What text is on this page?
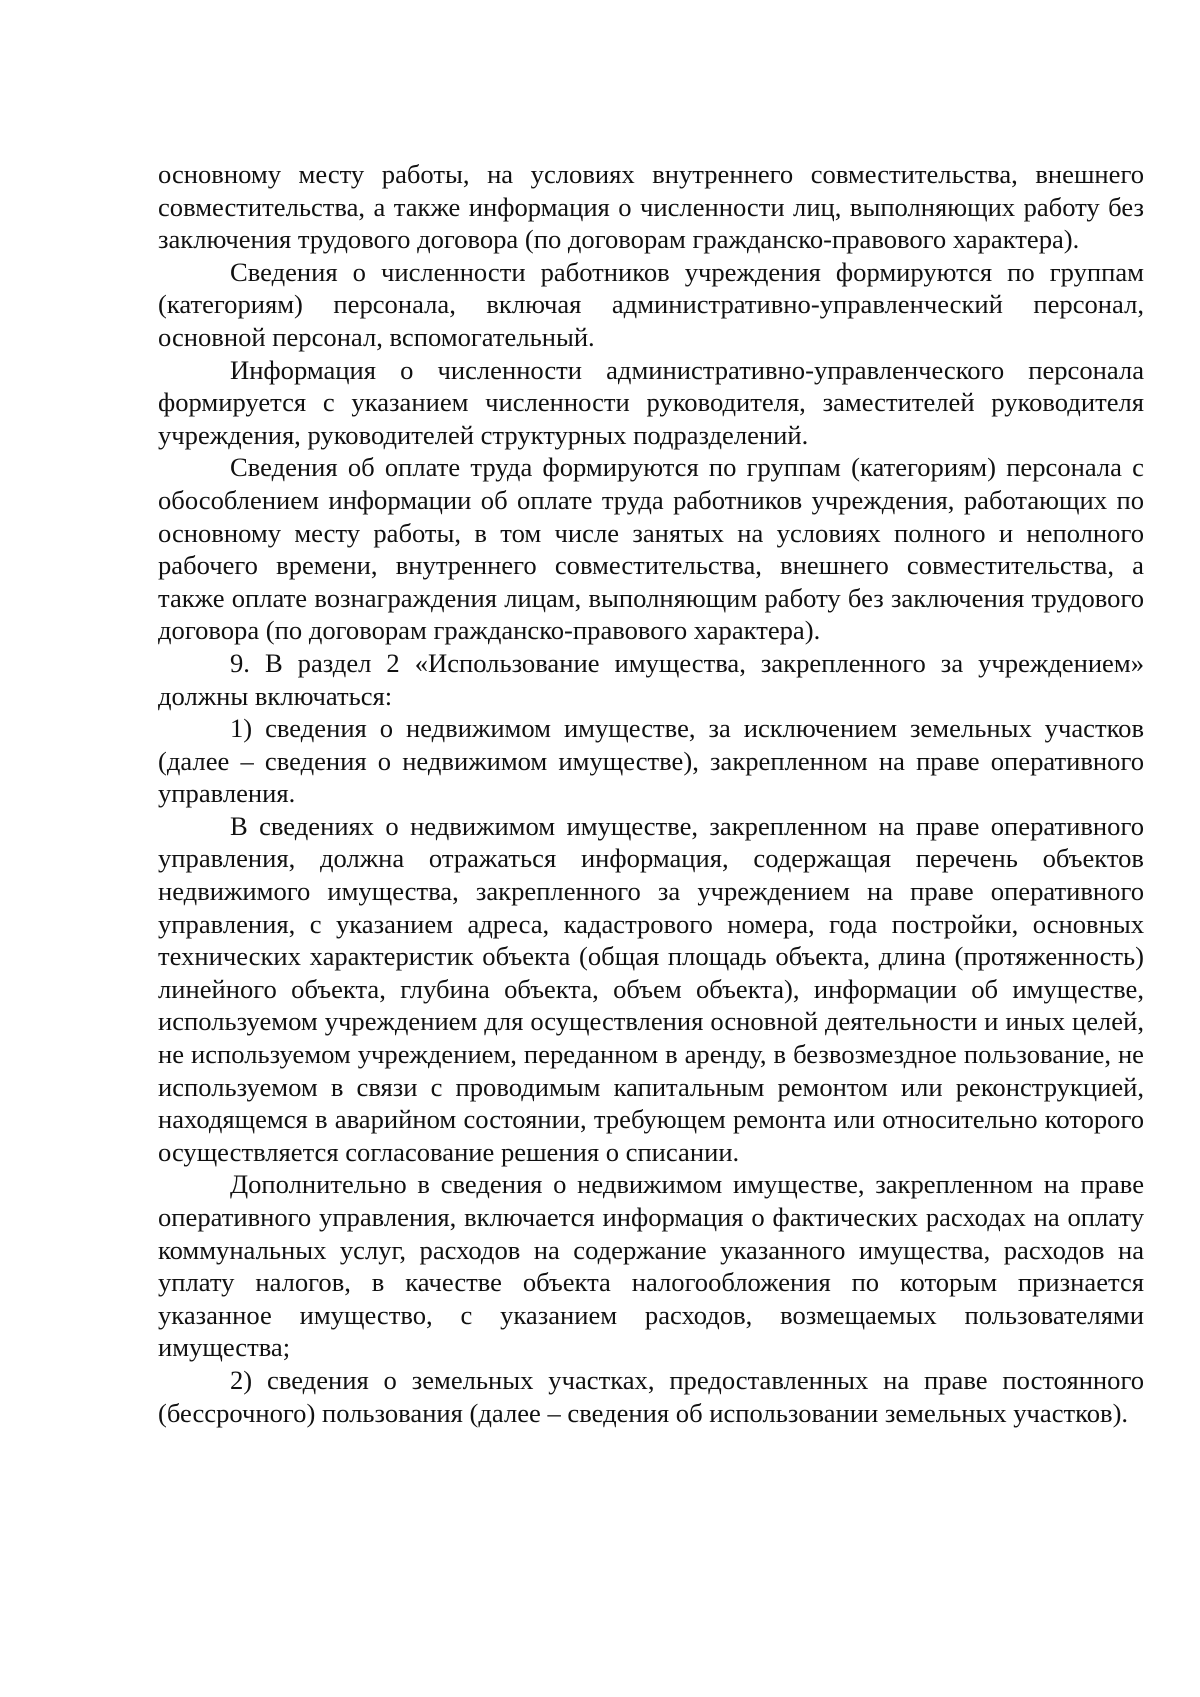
основному месту работы, на условиях внутреннего совместительства, внешнего совместительства, а также информация о численности лиц, выполняющих работу без заключения трудового договора (по договорам гражданско-правового характера).

Сведения о численности работников учреждения формируются по группам (категориям) персонала, включая административно-управленческий персонал, основной персонал, вспомогательный.

Информация о численности административно-управленческого персонала формируется с указанием численности руководителя, заместителей руководителя учреждения, руководителей структурных подразделений.

Сведения об оплате труда формируются по группам (категориям) персонала с обособлением информации об оплате труда работников учреждения, работающих по основному месту работы, в том числе занятых на условиях полного и неполного рабочего времени, внутреннего совместительства, внешнего совместительства, а также оплате вознаграждения лицам, выполняющим работу без заключения трудового договора (по договорам гражданско-правового характера).

9. В раздел 2 «Использование имущества, закрепленного за учреждением» должны включаться:

1) сведения о недвижимом имуществе, за исключением земельных участков (далее – сведения о недвижимом имуществе), закрепленном на праве оперативного управления.

В сведениях о недвижимом имуществе, закрепленном на праве оперативного управления, должна отражаться информация, содержащая перечень объектов недвижимого имущества, закрепленного за учреждением на праве оперативного управления, с указанием адреса, кадастрового номера, года постройки, основных технических характеристик объекта (общая площадь объекта, длина (протяженность) линейного объекта, глубина объекта, объем объекта), информации об имуществе, используемом учреждением для осуществления основной деятельности и иных целей, не используемом учреждением, переданном в аренду, в безвозмездное пользование, не используемом в связи с проводимым капитальным ремонтом или реконструкцией, находящемся в аварийном состоянии, требующем ремонта или относительно которого осуществляется согласование решения о списании.

Дополнительно в сведения о недвижимом имуществе, закрепленном на праве оперативного управления, включается информация о фактических расходах на оплату коммунальных услуг, расходов на содержание указанного имущества, расходов на уплату налогов, в качестве объекта налогообложения по которым признается указанное имущество, с указанием расходов, возмещаемых пользователями имущества;

2) сведения о земельных участках, предоставленных на праве постоянного (бессрочного) пользования (далее – сведения об использовании земельных участков).
